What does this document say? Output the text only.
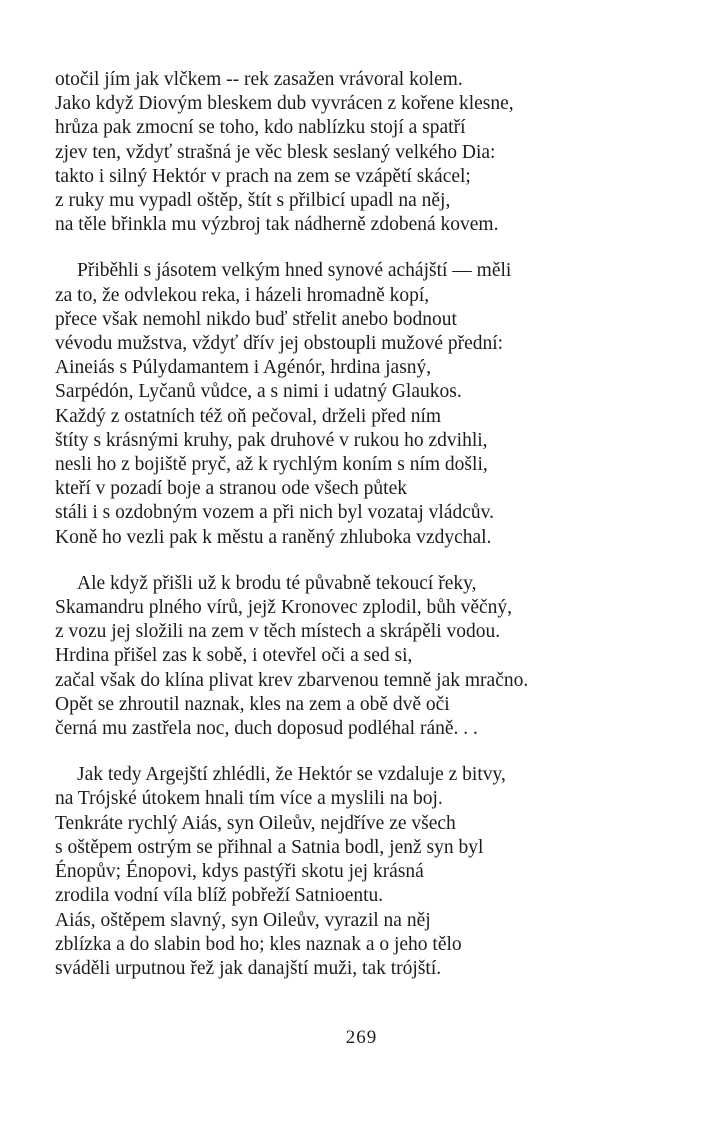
otočil jím jak vlčkem -- rek zasažen vrávoral kolem.
Jako když Diovým bleskem dub vyvrácen z kořene klesne,
hrůza pak zmocní se toho, kdo nablízku stojí a spatří
zjev ten, vždyť strašná je věc blesk seslaný velkého Dia:
takto i silný Hektór v prach na zem se vzápětí skácel;
z ruky mu vypadl oštěp, štít s přilbicí upadl na něj,
na těle břinkla mu výzbroj tak nádherně zdobená kovem.
Přiběhli s jásotem velkým hned synové achájští — měli
za to, že odvlekou reka, i házeli hromadně kopí,
přece však nemohl nikdo buď střelit anebo bodnout
vévodu mužstva, vždyť dřív jej obstoupli mužové přední:
Aineiás s Púlydamantem i Agénór, hrdina jasný,
Sarpédón, Lyčanů vůdce, a s nimi i udatný Glaukos.
Každý z ostatních též oň pečoval, drželi před ním
štíty s krásnými kruhy, pak druhové v rukou ho zdvihli,
nesli ho z bojiště pryč, až k rychlým koním s ním došli,
kteří v pozadí boje a stranou ode všech půtek
stáli i s ozdobným vozem a při nich byl vozataj vládcův.
Koně ho vezli pak k městu a raněný zhluboka vzdychal.
Ale když přišli už k brodu té půvabně tekoucí řeky,
Skamandru plného vírů, jejž Kronovec zplodil, bůh věčný,
z vozu jej složili na zem v těch místech a skrápěli vodou.
Hrdina přišel zas k sobě, i otevřel oči a sed si,
začal však do klína plivat krev zbarvenou temně jak mračno.
Opět se zhroutil naznak, kles na zem a obě dvě oči
černá mu zastřela noc, duch doposud podléhal ráně. . .
Jak tedy Argejští zhlédli, že Hektór se vzdaluje z bitvy,
na Trójské útokem hnali tím více a myslili na boj.
Tenkráte rychlý Aiás, syn Oileův, nejdříve ze všech
s oštěpem ostrým se přihnal a Satnia bodl, jenž syn byl
Énopův; Énopovi, kdys pastýři skotu jej krásná
zrodila vodní víla blíž pobřeží Satnioentu.
Aiás, oštěpem slavný, syn Oileův, vyrazil na něj
zblízka a do slabin bod ho; kles naznak a o jeho tělo
sváděli urputnou řež jak danajští muži, tak trójští.
269
